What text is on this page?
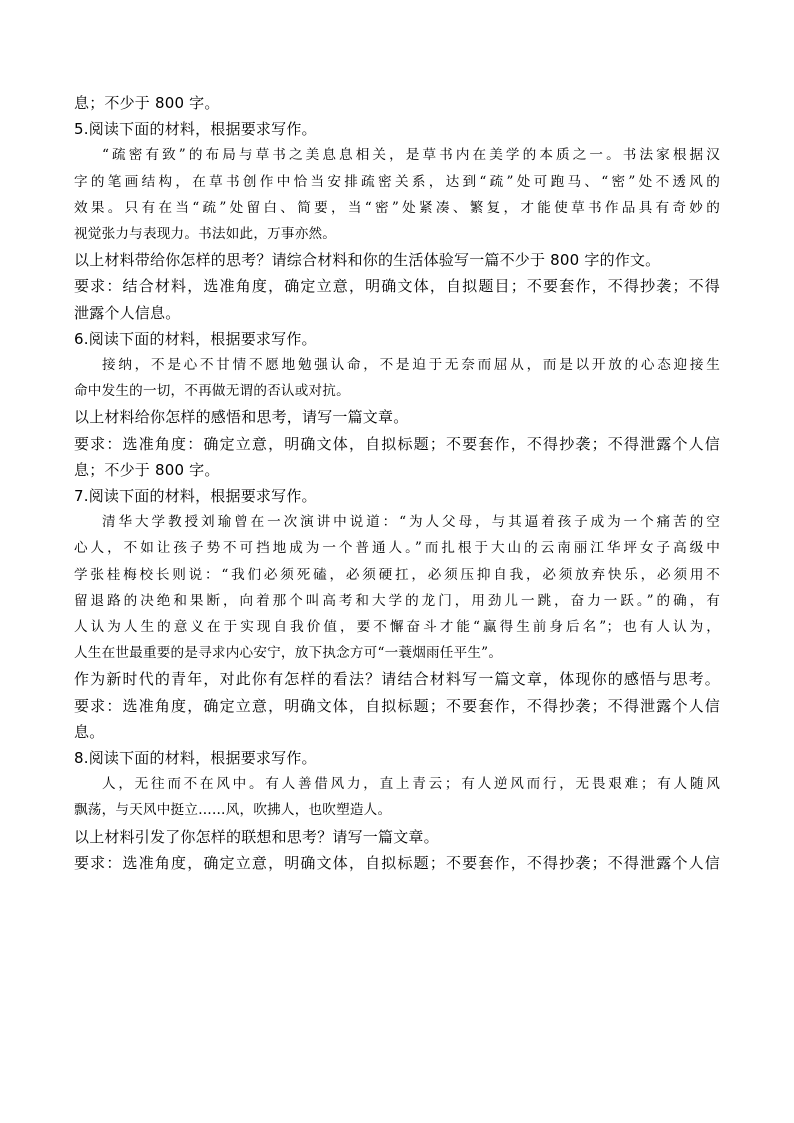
息；不少于 800 字。
5.阅读下面的材料，根据要求写作。
“疏密有致”的布局与草书之美息息相关，是草书内在美学的本质之一。书法家根据汉
字的笔画结构，在草书创作中恰当安排疏密关系，达到“疏”处可跑马、“密”处不透风的
效果。只有在当“疏”处留白、简要，当“密”处紧凑、繁复，才能使草书作品具有奇妙的
视觉张力与表现力。书法如此，万事亦然。
以上材料带给你怎样的思考？请综合材料和你的生活体验写一篇不少于 800 字的作文。
要求：结合材料，选准角度，确定立意，明确文体，自拟题目；不要套作，不得抄袭；不得
泄露个人信息。
6.阅读下面的材料，根据要求写作。
接纳，不是心不甘情不愿地勉强认命，不是迫于无奈而屈从，而是以开放的心态迎接生
命中发生的一切，不再做无谓的否认或对抗。
以上材料给你怎样的感悟和思考，请写一篇文章。
要求：选准角度：确定立意，明确文体，自拟标题；不要套作，不得抄袭；不得泄露个人信
息；不少于 800 字。
7.阅读下面的材料，根据要求写作。
清华大学教授刘瑜曾在一次演讲中说道：“为人父母，与其逼着孩子成为一个痛苦的空
心人，不如让孩子势不可挡地成为一个普通人。”而扎根于大山的云南丽江华坪女子高级中
学张桂梅校长则说：“我们必须死磕，必须硬扛，必须压抑自我，必须放弃快乐，必须用不
留退路的决绝和果断，向着那个叫高考和大学的龙门，用劲儿一跳，奋力一跃。”的确，有
人认为人生的意义在于实现自我价值，要不懈奋斗才能“赢得生前身后名”；也有人认为，
人生在世最重要的是寻求内心安宁，放下执念方可“一蓑烟雨任平生”。
作为新时代的青年，对此你有怎样的看法？请结合材料写一篇文章，体现你的感悟与思考。
要求：选准角度，确定立意，明确文体，自拟标题；不要套作，不得抄袭；不得泄露个人信
息。
8.阅读下面的材料，根据要求写作。
人，无往而不在风中。有人善借风力，直上青云；有人逆风而行，无畏艰难；有人随风
飘荡，与天风中挺立……风，吹拂人，也吹塑造人。
以上材料引发了你怎样的联想和思考？请写一篇文章。
要求：选准角度，确定立意，明确文体，自拟标题；不要套作，不得抄袭；不得泄露个人信
